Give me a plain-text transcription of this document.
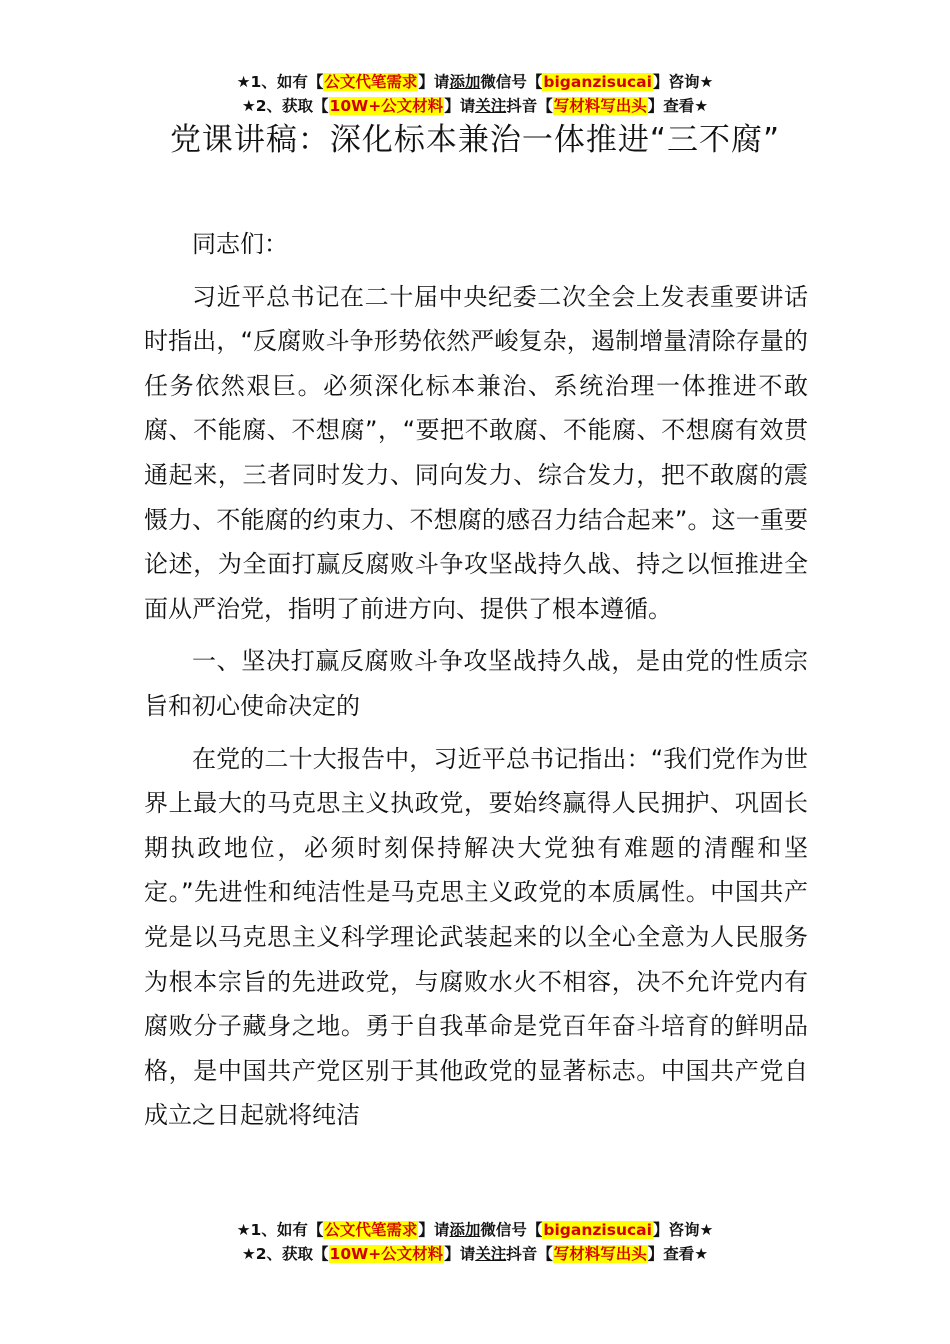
★1、如有【公文代笔需求】请添加微信号【biganzisucai】咨询★
★2、获取【10W+公文材料】请关注抖音【写材料写出头】查看★
党课讲稿：深化标本兼治一体推进“三不腐”

同志们：

习近平总书记在二十届中央纪委二次全会上发表重要讲话时指出，“反腐败斗争形势依然严峻复杂，遏制增量清除存量的任务依然艰巨。必须深化标本兼治、系统治理一体推进不敢腐、不能腐、不想腐”，“要把不敢腐、不能腐、不想腐有效贯通起来，三者同时发力、同向发力、综合发力，把不敢腐的震慑力、不能腐的约束力、不想腐的感召力结合起来”。这一重要论述，为全面打赢反腐败斗争攻坚战持久战、持之以恒推进全面从严治党，指明了前进方向、提供了根本遵循。

一、坚决打赢反腐败斗争攻坚战持久战，是由党的性质宗旨和初心使命决定的

在党的二十大报告中，习近平总书记指出：“我们党作为世界上最大的马克思主义执政党，要始终赢得人民拥护、巩固长期执政地位，必须时刻保持解决大党独有难题的清醒和坚定。”先进性和纯洁性是马克思主义政党的本质属性。中国共产党是以马克思主义科学理论武装起来的以全心全意为人民服务为根本宗旨的先进政党，与腐败水火不相容，决不允许党内有腐败分子藏身之地。勇于自我革命是党百年奋斗培育的鲜明品格，是中国共产党区别于其他政党的显著标志。中国共产党自成立之日起就将纯洁

★1、如有【公文代笔需求】请添加微信号【biganzisucai】咨询★
★2、获取【10W+公文材料】请关注抖音【写材料写出头】查看★
